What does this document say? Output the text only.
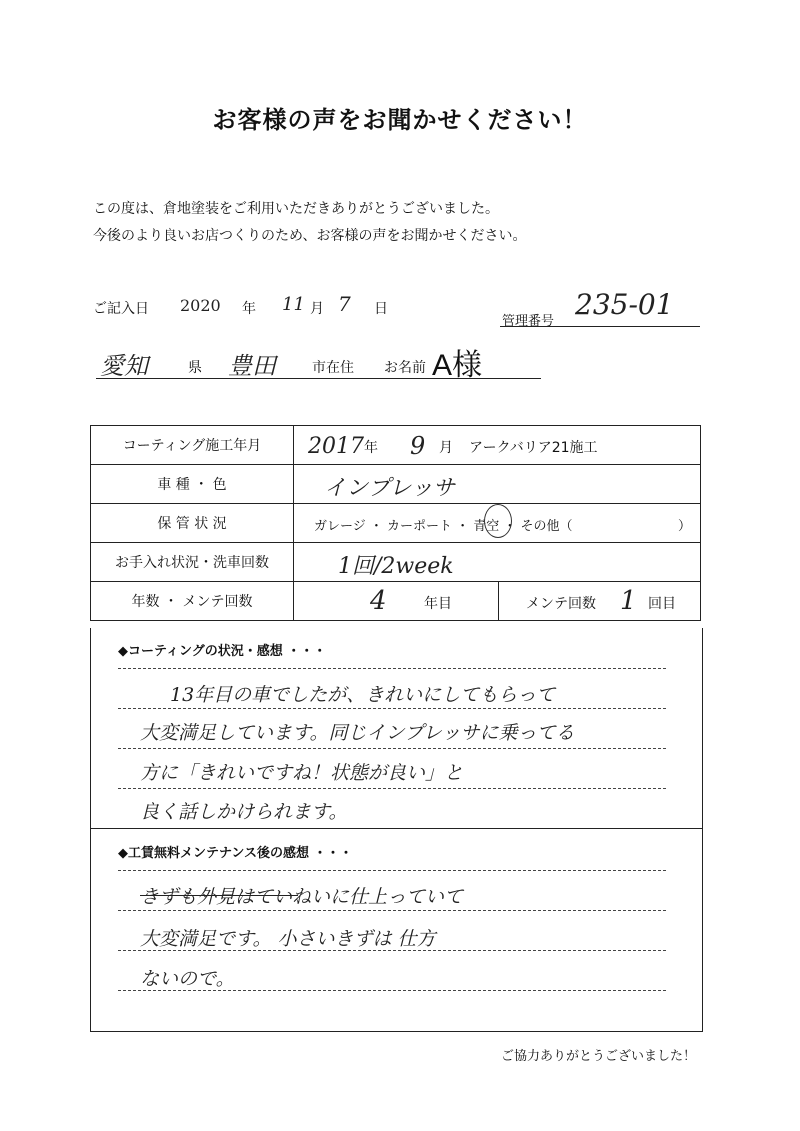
お客様の声をお聞かせください！
この度は、倉地塗装をご利用いただきありがとうございました。
今後のより良いお店つくりのため、お客様の声をお聞かせください。
ご記入日 2020 年 11 月 7 日
管理番号
235-01
愛知	県 豊田	市在住 お名前 A様
コーティング施工年月	2017 年 9 月 アークバリア21施工

車 種 ・ 色	インプレッサ

保 管 状 況	ガレージ ・ カーポート ・ 青空 ・ その他（ ）

お手入れ状況・洗車回数	1回/2week

年数 ・ メンテ回数	4 年目 メンテ回数 1 回目
◆コーティングの状況・感想 ・・・
13年目の車でしたが、きれいにしてもらって
大変満足しています。同じインプレッサに乗ってる
方に「きれいですね！状態が良い」と
良く話しかけられます。
◆工賃無料メンテナンス後の感想 ・・・
きずも外見はていねいに仕上っていて
大変満足です。 小さいきずは 仕方
ないので。
ご協力ありがとうございました！
